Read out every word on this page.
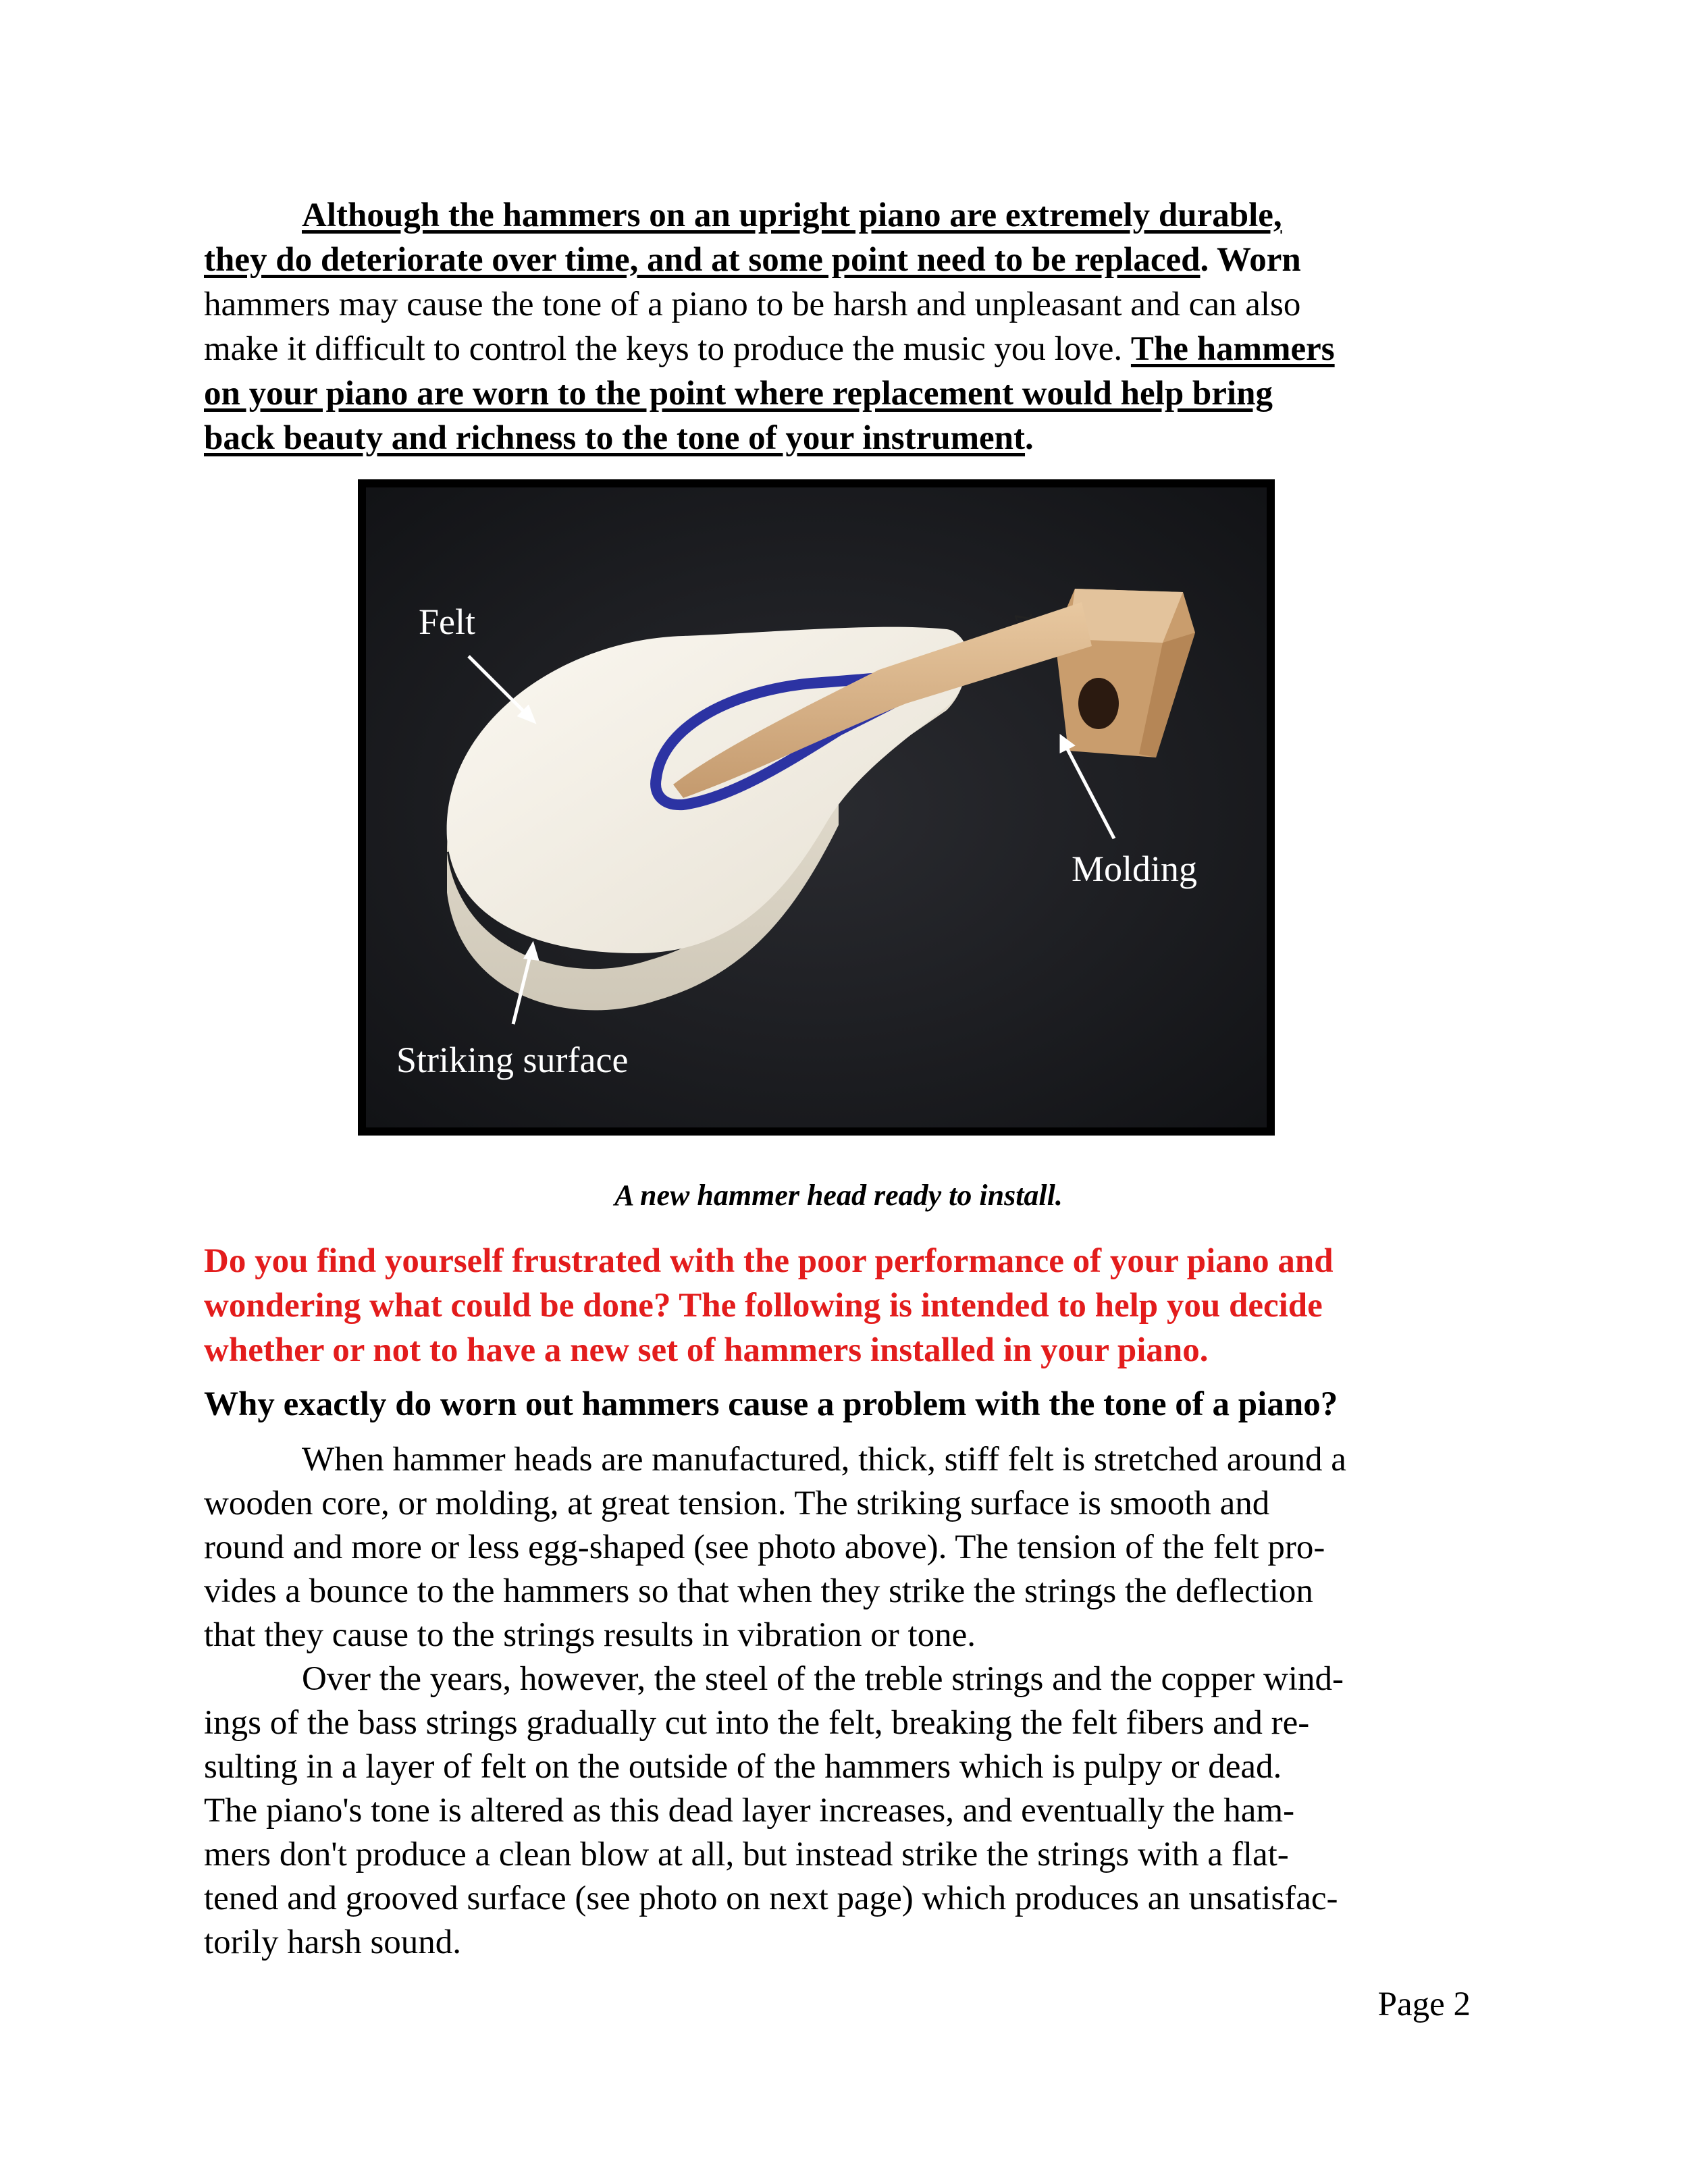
Although the hammers on an upright piano are extremely durable,
they do deteriorate over time, and at some point need to be replaced. Worn
hammers may cause the tone of a piano to be harsh and unpleasant and can also
make it difficult to control the keys to produce the music you love. The hammers
on your piano are worn to the point where replacement would help bring
back beauty and richness to the tone of your instrument.
Felt
Molding
Striking surface
A new hammer head ready to install.
Do you find yourself frustrated with the poor performance of your piano and
wondering what could be done? The following is intended to help you decide
whether or not to have a new set of hammers installed in your piano.
Why exactly do worn out hammers cause a problem with the tone of a piano?
When hammer heads are manufactured, thick, stiff felt is stretched around a
wooden core, or molding, at great tension. The striking surface is smooth and
round and more or less egg-shaped (see photo above). The tension of the felt pro-
vides a bounce to the hammers so that when they strike the strings the deflection
that they cause to the strings results in vibration or tone.
Over the years, however, the steel of the treble strings and the copper wind-
ings of the bass strings gradually cut into the felt, breaking the felt fibers and re-
sulting in a layer of felt on the outside of the hammers which is pulpy or dead.
The piano's tone is altered as this dead layer increases, and eventually the ham-
mers don't produce a clean blow at all, but instead strike the strings with a flat-
tened and grooved surface (see photo on next page) which produces an unsatisfac-
torily harsh sound.
Page 2
